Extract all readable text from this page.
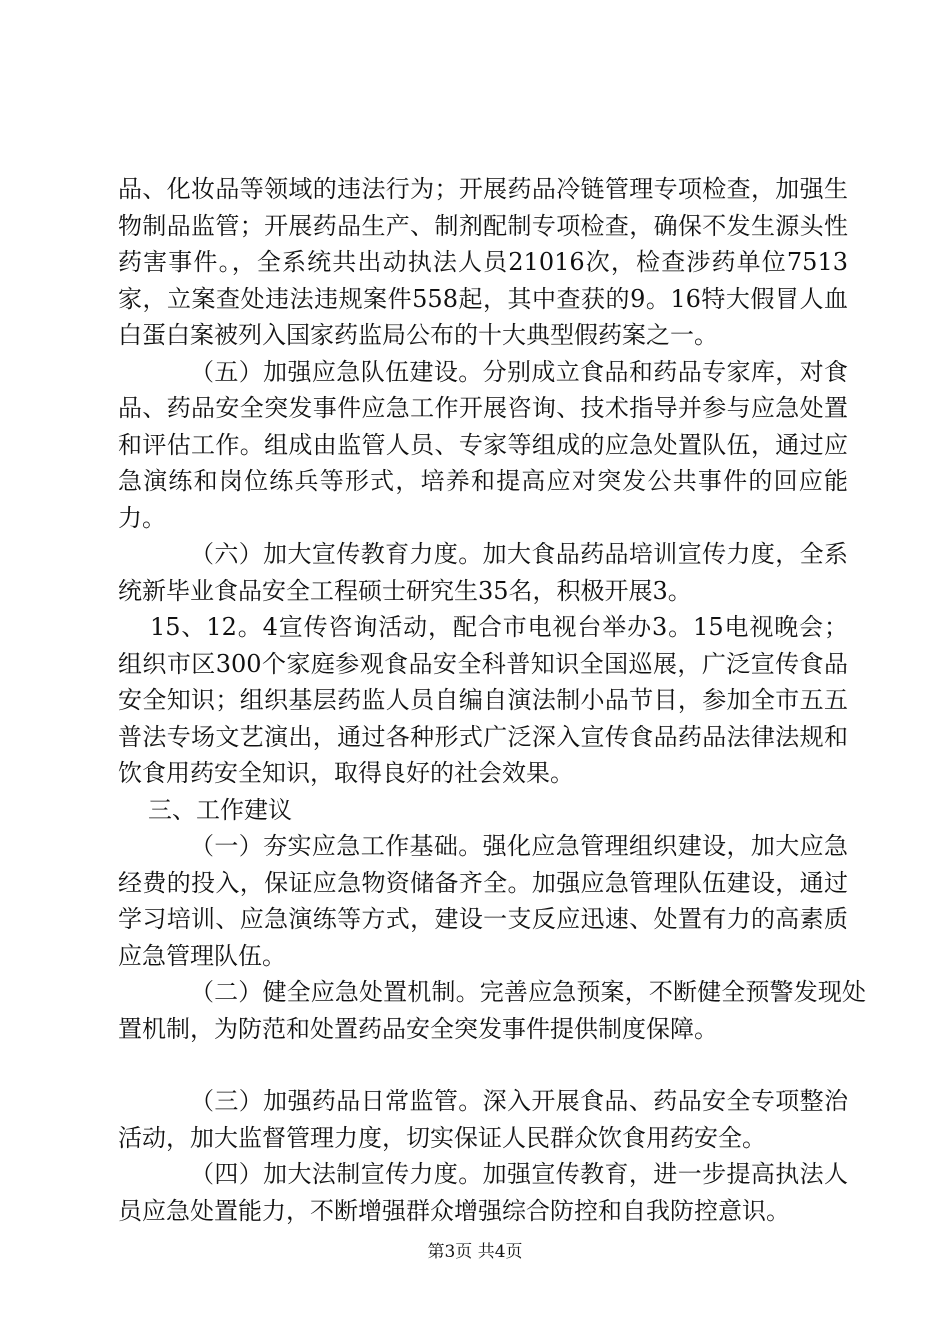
品、化妆品等领域的违法行为；开展药品冷链管理专项检查，加强生物制品监管；开展药品生产、制剂配制专项检查，确保不发生源头性药害事件。，全系统共出动执法人员21016次，检查涉药单位7513家，立案查处违法违规案件558起，其中查获的9。16特大假冒人血白蛋白案被列入国家药监局公布的十大典型假药案之一。

（五）加强应急队伍建设。分别成立食品和药品专家库，对食品、药品安全突发事件应急工作开展咨询、技术指导并参与应急处置和评估工作。组成由监管人员、专家等组成的应急处置队伍，通过应急演练和岗位练兵等形式，培养和提高应对突发公共事件的回应能力。

（六）加大宣传教育力度。加大食品药品培训宣传力度，全系统新毕业食品安全工程硕士研究生35名，积极开展3。

15、12。4宣传咨询活动，配合市电视台举办3。15电视晚会；组织市区300个家庭参观食品安全科普知识全国巡展，广泛宣传食品安全知识；组织基层药监人员自编自演法制小品节目，参加全市五五普法专场文艺演出，通过各种形式广泛深入宣传食品药品法律法规和饮食用药安全知识，取得良好的社会效果。

三、工作建议

（一）夯实应急工作基础。强化应急管理组织建设，加大应急经费的投入，保证应急物资储备齐全。加强应急管理队伍建设，通过学习培训、应急演练等方式，建设一支反应迅速、处置有力的高素质应急管理队伍。

（二）健全应急处置机制。完善应急预案，不断健全预警发现处置机制，为防范和处置药品安全突发事件提供制度保障。

（三）加强药品日常监管。深入开展食品、药品安全专项整治活动，加大监督管理力度，切实保证人民群众饮食用药安全。

（四）加大法制宣传力度。加强宣传教育，进一步提高执法人员应急处置能力，不断增强群众增强综合防控和自我防控意识。

第3页 共4页
